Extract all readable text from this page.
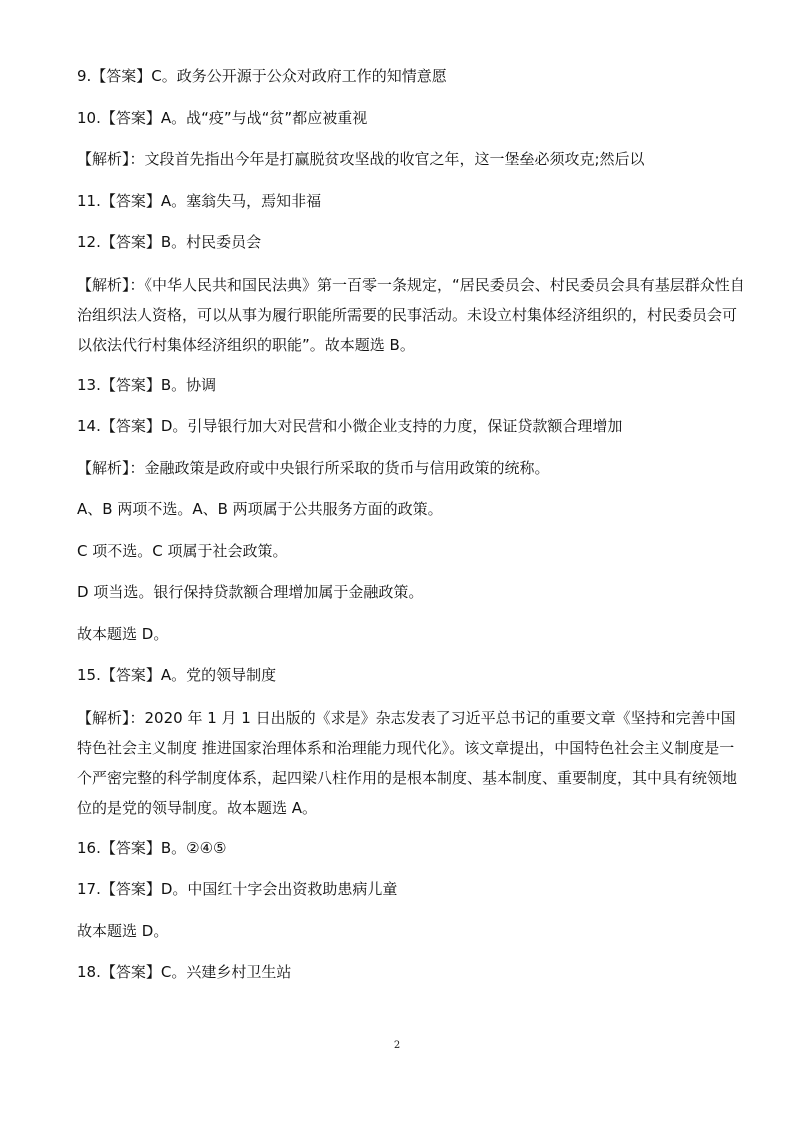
9.【答案】C。政务公开源于公众对政府工作的知情意愿

10.【答案】A。战“疫”与战“贫”都应被重视

【解析】：文段首先指出今年是打赢脱贫攻坚战的收官之年，这一堡垒必须攻克;然后以

11.【答案】A。塞翁失马，焉知非福

12.【答案】B。村民委员会

【解析】：《中华人民共和国民法典》第一百零一条规定，“居民委员会、村民委员会具有基层群众性自治组织法人资格，可以从事为履行职能所需要的民事活动。未设立村集体经济组织的，村民委员会可以依法代行村集体经济组织的职能”。故本题选 B。

13.【答案】B。协调

14.【答案】D。引导银行加大对民营和小微企业支持的力度，保证贷款额合理增加

【解析】：金融政策是政府或中央银行所采取的货币与信用政策的统称。

A、B 两项不选。A、B 两项属于公共服务方面的政策。

C 项不选。C 项属于社会政策。

D 项当选。银行保持贷款额合理增加属于金融政策。

故本题选 D。

15.【答案】A。党的领导制度

【解析】：2020 年 1 月 1 日出版的《求是》杂志发表了习近平总书记的重要文章《坚持和完善中国特色社会主义制度 推进国家治理体系和治理能力现代化》。该文章提出，中国特色社会主义制度是一个严密完整的科学制度体系，起四梁八柱作用的是根本制度、基本制度、重要制度，其中具有统领地位的是党的领导制度。故本题选 A。

16.【答案】B。②④⑤

17.【答案】D。中国红十字会出资救助患病儿童

故本题选 D。

18.【答案】C。兴建乡村卫生站

2
